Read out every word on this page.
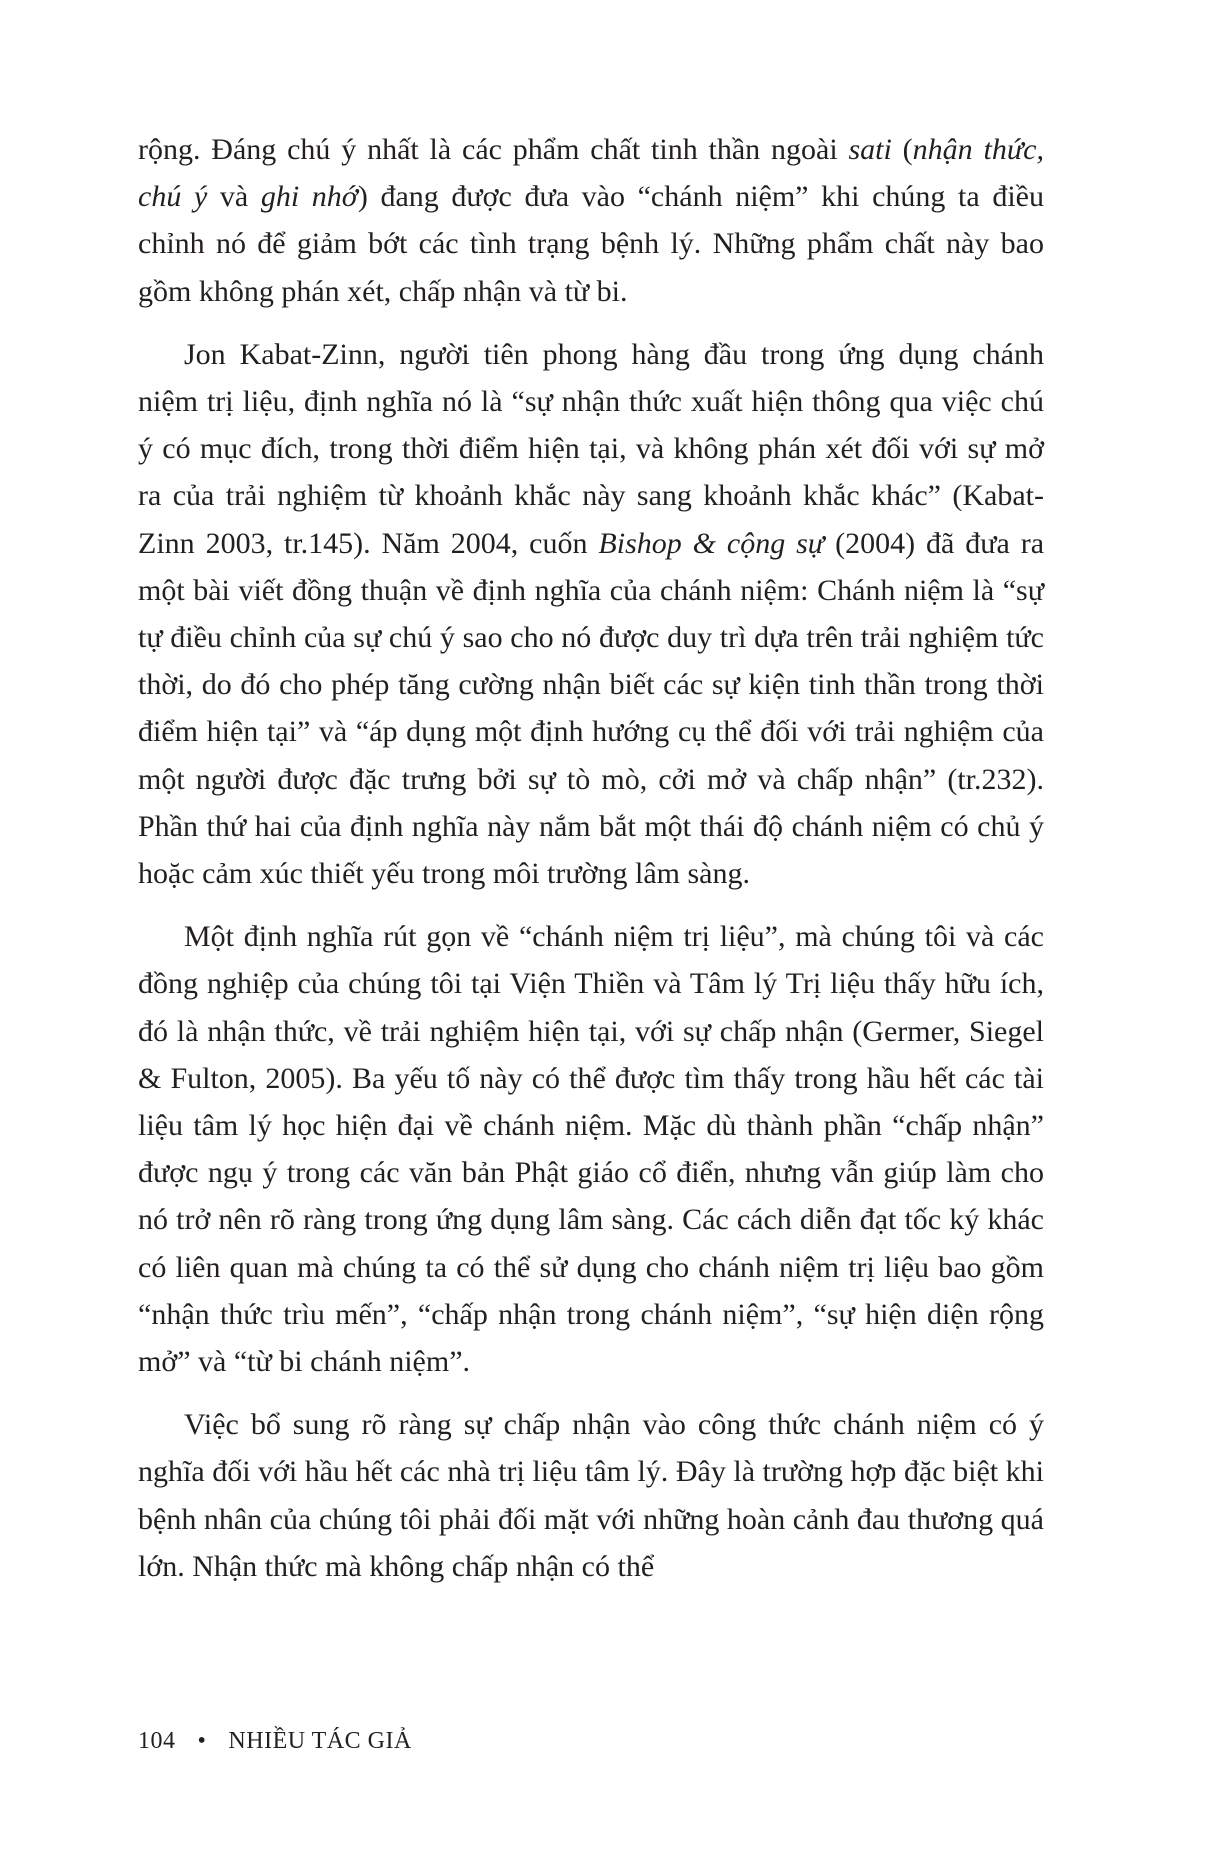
rộng. Đáng chú ý nhất là các phẩm chất tinh thần ngoài sati (nhận thức, chú ý và ghi nhớ) đang được đưa vào “chánh niệm” khi chúng ta điều chỉnh nó để giảm bớt các tình trạng bệnh lý. Những phẩm chất này bao gồm không phán xét, chấp nhận và từ bi.

Jon Kabat-Zinn, người tiên phong hàng đầu trong ứng dụng chánh niệm trị liệu, định nghĩa nó là “sự nhận thức xuất hiện thông qua việc chú ý có mục đích, trong thời điểm hiện tại, và không phán xét đối với sự mở ra của trải nghiệm từ khoảnh khắc này sang khoảnh khắc khác” (Kabat-Zinn 2003, tr.145). Năm 2004, cuốn Bishop & cộng sự (2004) đã đưa ra một bài viết đồng thuận về định nghĩa của chánh niệm: Chánh niệm là “sự tự điều chỉnh của sự chú ý sao cho nó được duy trì dựa trên trải nghiệm tức thời, do đó cho phép tăng cường nhận biết các sự kiện tinh thần trong thời điểm hiện tại” và “áp dụng một định hướng cụ thể đối với trải nghiệm của một người được đặc trưng bởi sự tò mò, cởi mở và chấp nhận” (tr.232). Phần thứ hai của định nghĩa này nắm bắt một thái độ chánh niệm có chủ ý hoặc cảm xúc thiết yếu trong môi trường lâm sàng.

Một định nghĩa rút gọn về “chánh niệm trị liệu”, mà chúng tôi và các đồng nghiệp của chúng tôi tại Viện Thiền và Tâm lý Trị liệu thấy hữu ích, đó là nhận thức, về trải nghiệm hiện tại, với sự chấp nhận (Germer, Siegel & Fulton, 2005). Ba yếu tố này có thể được tìm thấy trong hầu hết các tài liệu tâm lý học hiện đại về chánh niệm. Mặc dù thành phần “chấp nhận” được ngụ ý trong các văn bản Phật giáo cổ điển, nhưng vẫn giúp làm cho nó trở nên rõ ràng trong ứng dụng lâm sàng. Các cách diễn đạt tốc ký khác có liên quan mà chúng ta có thể sử dụng cho chánh niệm trị liệu bao gồm “nhận thức trìu mến”, “chấp nhận trong chánh niệm”, “sự hiện diện rộng mở” và “từ bi chánh niệm”.

Việc bổ sung rõ ràng sự chấp nhận vào công thức chánh niệm có ý nghĩa đối với hầu hết các nhà trị liệu tâm lý. Đây là trường hợp đặc biệt khi bệnh nhân của chúng tôi phải đối mặt với những hoàn cảnh đau thương quá lớn. Nhận thức mà không chấp nhận có thể

104 • NHIỀU TÁC GIẢ
